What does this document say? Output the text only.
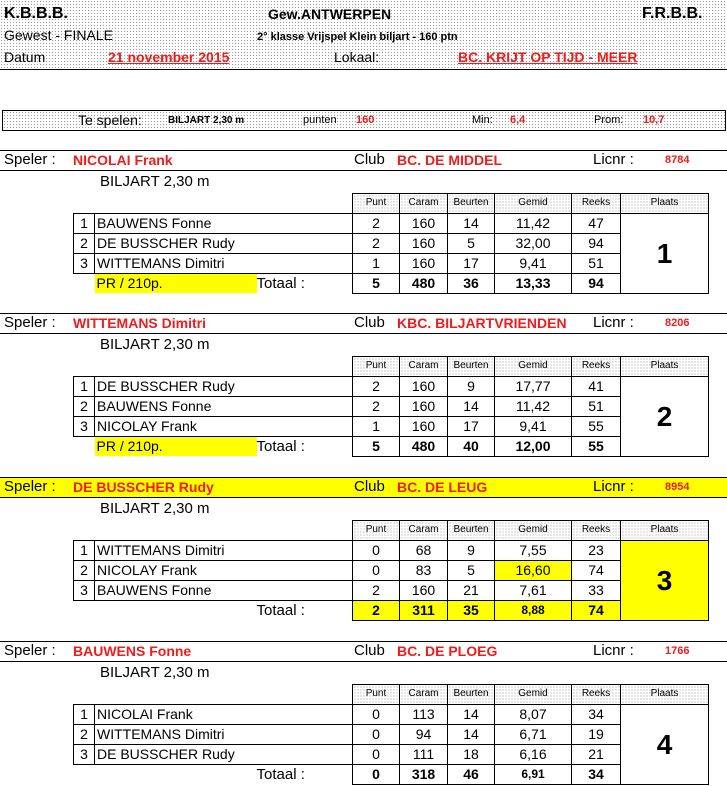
K.B.B.B.	Gew.ANTWERPEN	F.R.B.B.
Gewest - FINALE	2° klasse Vrijspel Klein biljart - 160 ptn
Datum	21 november 2015	Lokaal:	BC. KRIJT OP TIJD - MEER
Te spelen:	BILJART 2,30 m	punten 160	Min: 6,4	Prom: 10,7
Speler : NICOLAI Frank	Club BC. DE MIDDEL	Licnr :	8784
BILJART 2,30 m
			Punt	Caram	Beurten	Gemid	Reeks	Plaats
1	BAUWENS Fonne		2	160	14	11,42	47	1
2	DE BUSSCHER Rudy		2	160	5	32,00	94	
3	WITTEMANS Dimitri		1	160	17	9,41	51	
	PR / 210p.	Totaal :	5	480	36	13,33	94	
Speler : WITTEMANS Dimitri	Club KBC. BILJARTVRIENDEN Licnr :	8206
BILJART 2,30 m
			Punt	Caram	Beurten	Gemid	Reeks	Plaats
1	DE BUSSCHER Rudy		2	160	9	17,77	41	2
2	BAUWENS Fonne		2	160	14	11,42	51	
3	NICOLAY Frank		1	160	17	9,41	55	
	PR / 210p.	Totaal :	5	480	40	12,00	55	
Speler : DE BUSSCHER Rudy	Club BC. DE LEUG	Licnr :	8954
BILJART 2,30 m
			Punt	Caram	Beurten	Gemid	Reeks	Plaats
1	WITTEMANS Dimitri		0	68	9	7,55	23	3
2	NICOLAY Frank		0	83	5	16,60	74	
3	BAUWENS Fonne		2	160	21	7,61	33	
		Totaal :	2	311	35	8,88	74	
Speler : BAUWENS Fonne	Club BC. DE PLOEG	Licnr :	1766
BILJART 2,30 m
			Punt	Caram	Beurten	Gemid	Reeks	Plaats
1	NICOLAI Frank		0	113	14	8,07	34	4
2	WITTEMANS Dimitri		0	94	14	6,71	19	
3	DE BUSSCHER Rudy		0	111	18	6,16	21	
		Totaal :	0	318	46	6,91	34	
